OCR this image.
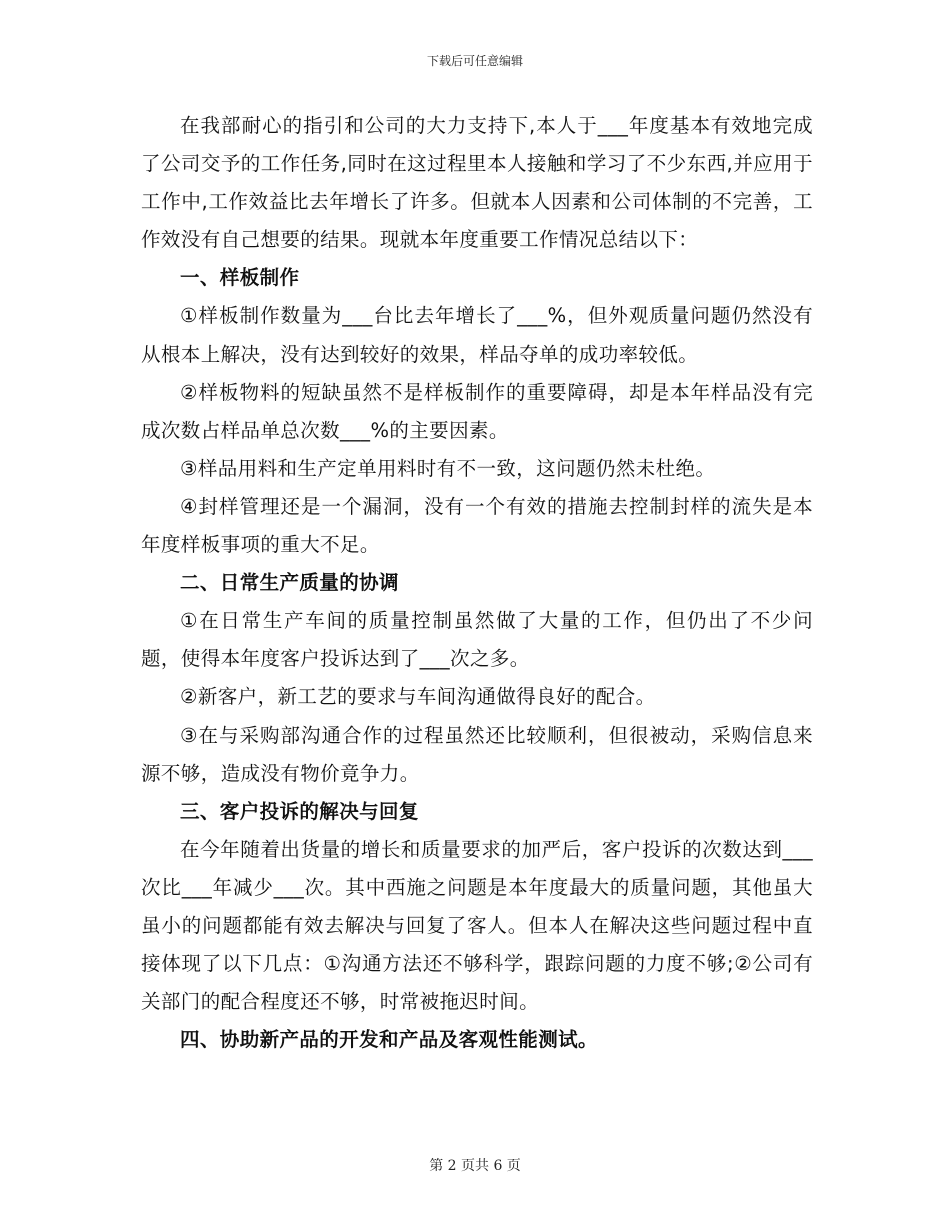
下载后可任意编辑

在我部耐心的指引和公司的大力支持下,本人于___年度基本有效地完成了公司交予的工作任务,同时在这过程里本人接触和学习了不少东西,并应用于工作中,工作效益比去年增长了许多。但就本人因素和公司体制的不完善，工作效没有自己想要的结果。现就本年度重要工作情况总结以下：

一、样板制作

①样板制作数量为___台比去年增长了___%，但外观质量问题仍然没有从根本上解决，没有达到较好的效果，样品夺单的成功率较低。

②样板物料的短缺虽然不是样板制作的重要障碍，却是本年样品没有完成次数占样品单总次数___%的主要因素。

③样品用料和生产定单用料时有不一致，这问题仍然未杜绝。

④封样管理还是一个漏洞，没有一个有效的措施去控制封样的流失是本年度样板事项的重大不足。

二、日常生产质量的协调

①在日常生产车间的质量控制虽然做了大量的工作，但仍出了不少问题，使得本年度客户投诉达到了___次之多。

②新客户，新工艺的要求与车间沟通做得良好的配合。

③在与采购部沟通合作的过程虽然还比较顺利，但很被动，采购信息来源不够，造成没有物价竟争力。

三、客户投诉的解决与回复

在今年随着出货量的增长和质量要求的加严后，客户投诉的次数达到___次比___年减少___次。其中西施之问题是本年度最大的质量问题，其他虽大虽小的问题都能有效去解决与回复了客人。但本人在解决这些问题过程中直接体现了以下几点：①沟通方法还不够科学，跟踪问题的力度不够;②公司有关部门的配合程度还不够，时常被拖迟时间。

四、协助新产品的开发和产品及客观性能测试。

第 2 页共 6 页
